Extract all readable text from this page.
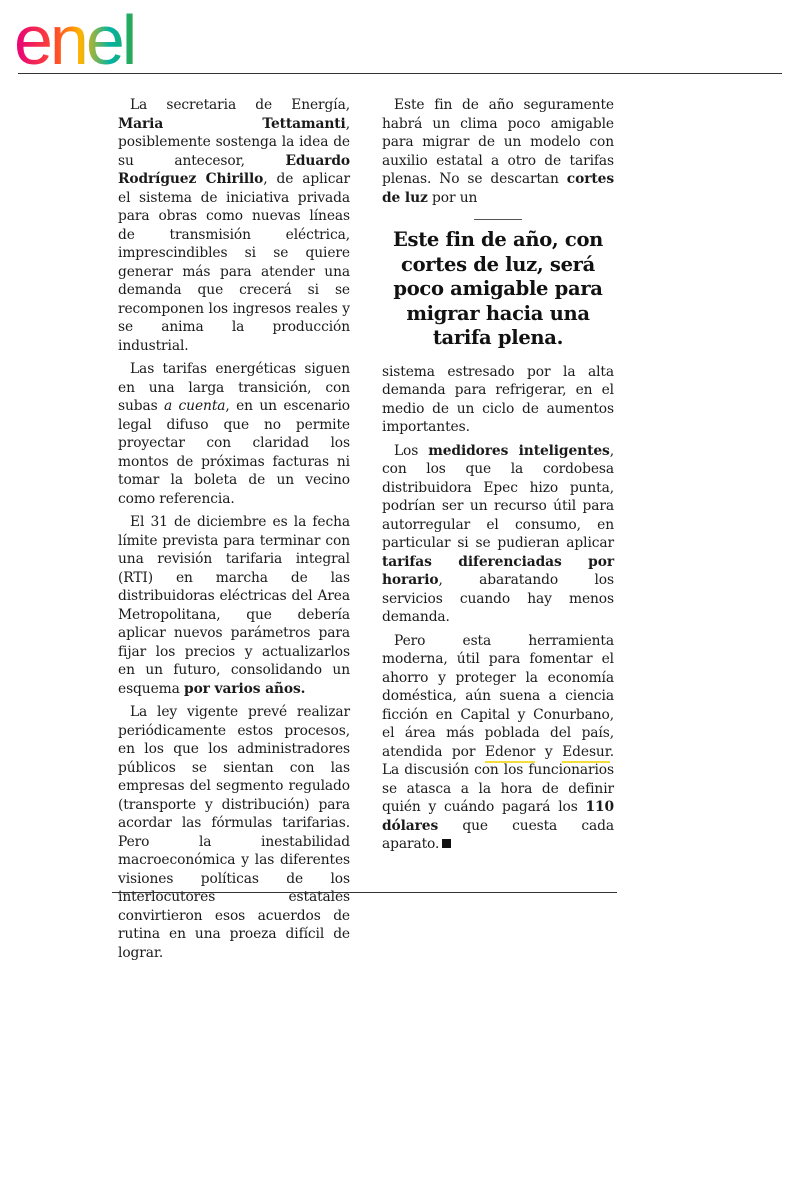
enel

La secretaria de Energía, Maria Tettamanti, posiblemente sostenga la idea de su antecesor, Eduardo Rodríguez Chirillo, de aplicar el sistema de iniciativa privada para obras como nuevas líneas de transmisión eléctrica, imprescindibles si se quiere generar más para atender una demanda que crecerá si se recomponen los ingresos reales y se anima la producción industrial.

Las tarifas energéticas siguen en una larga transición, con subas a cuenta, en un escenario legal difuso que no permite proyectar con claridad los montos de próximas facturas ni tomar la boleta de un vecino como referencia.

El 31 de diciembre es la fecha límite prevista para terminar con una revisión tarifaria integral (RTI) en marcha de las distribuidoras eléctricas del Area Metropolitana, que debería aplicar nuevos parámetros para fijar los precios y actualizarlos en un futuro, consolidando un esquema por varios años.

La ley vigente prevé realizar periódicamente estos procesos, en los que los administradores públicos se sientan con las empresas del segmento regulado (transporte y distribución) para acordar las fórmulas tarifarias. Pero la inestabilidad macroeconómica y las diferentes visiones políticas de los interlocutores estatales convirtieron esos acuerdos de rutina en una proeza difícil de lograr.

Este fin de año seguramente habrá un clima poco amigable para migrar de un modelo con auxilio estatal a otro de tarifas plenas. No se descartan cortes de luz por un

Este fin de año, con cortes de luz, será poco amigable para migrar hacia una tarifa plena.

sistema estresado por la alta demanda para refrigerar, en el medio de un ciclo de aumentos importantes.

Los medidores inteligentes, con los que la cordobesa distribuidora Epec hizo punta, podrían ser un recurso útil para autorregular el consumo, en particular si se pudieran aplicar tarifas diferenciadas por horario, abaratando los servicios cuando hay menos demanda.

Pero esta herramienta moderna, útil para fomentar el ahorro y proteger la economía doméstica, aún suena a ciencia ficción en Capital y Conurbano, el área más poblada del país, atendida por Edenor y Edesur. La discusión con los funcionarios se atasca a la hora de definir quién y cuándo pagará los 110 dólares que cuesta cada aparato.
